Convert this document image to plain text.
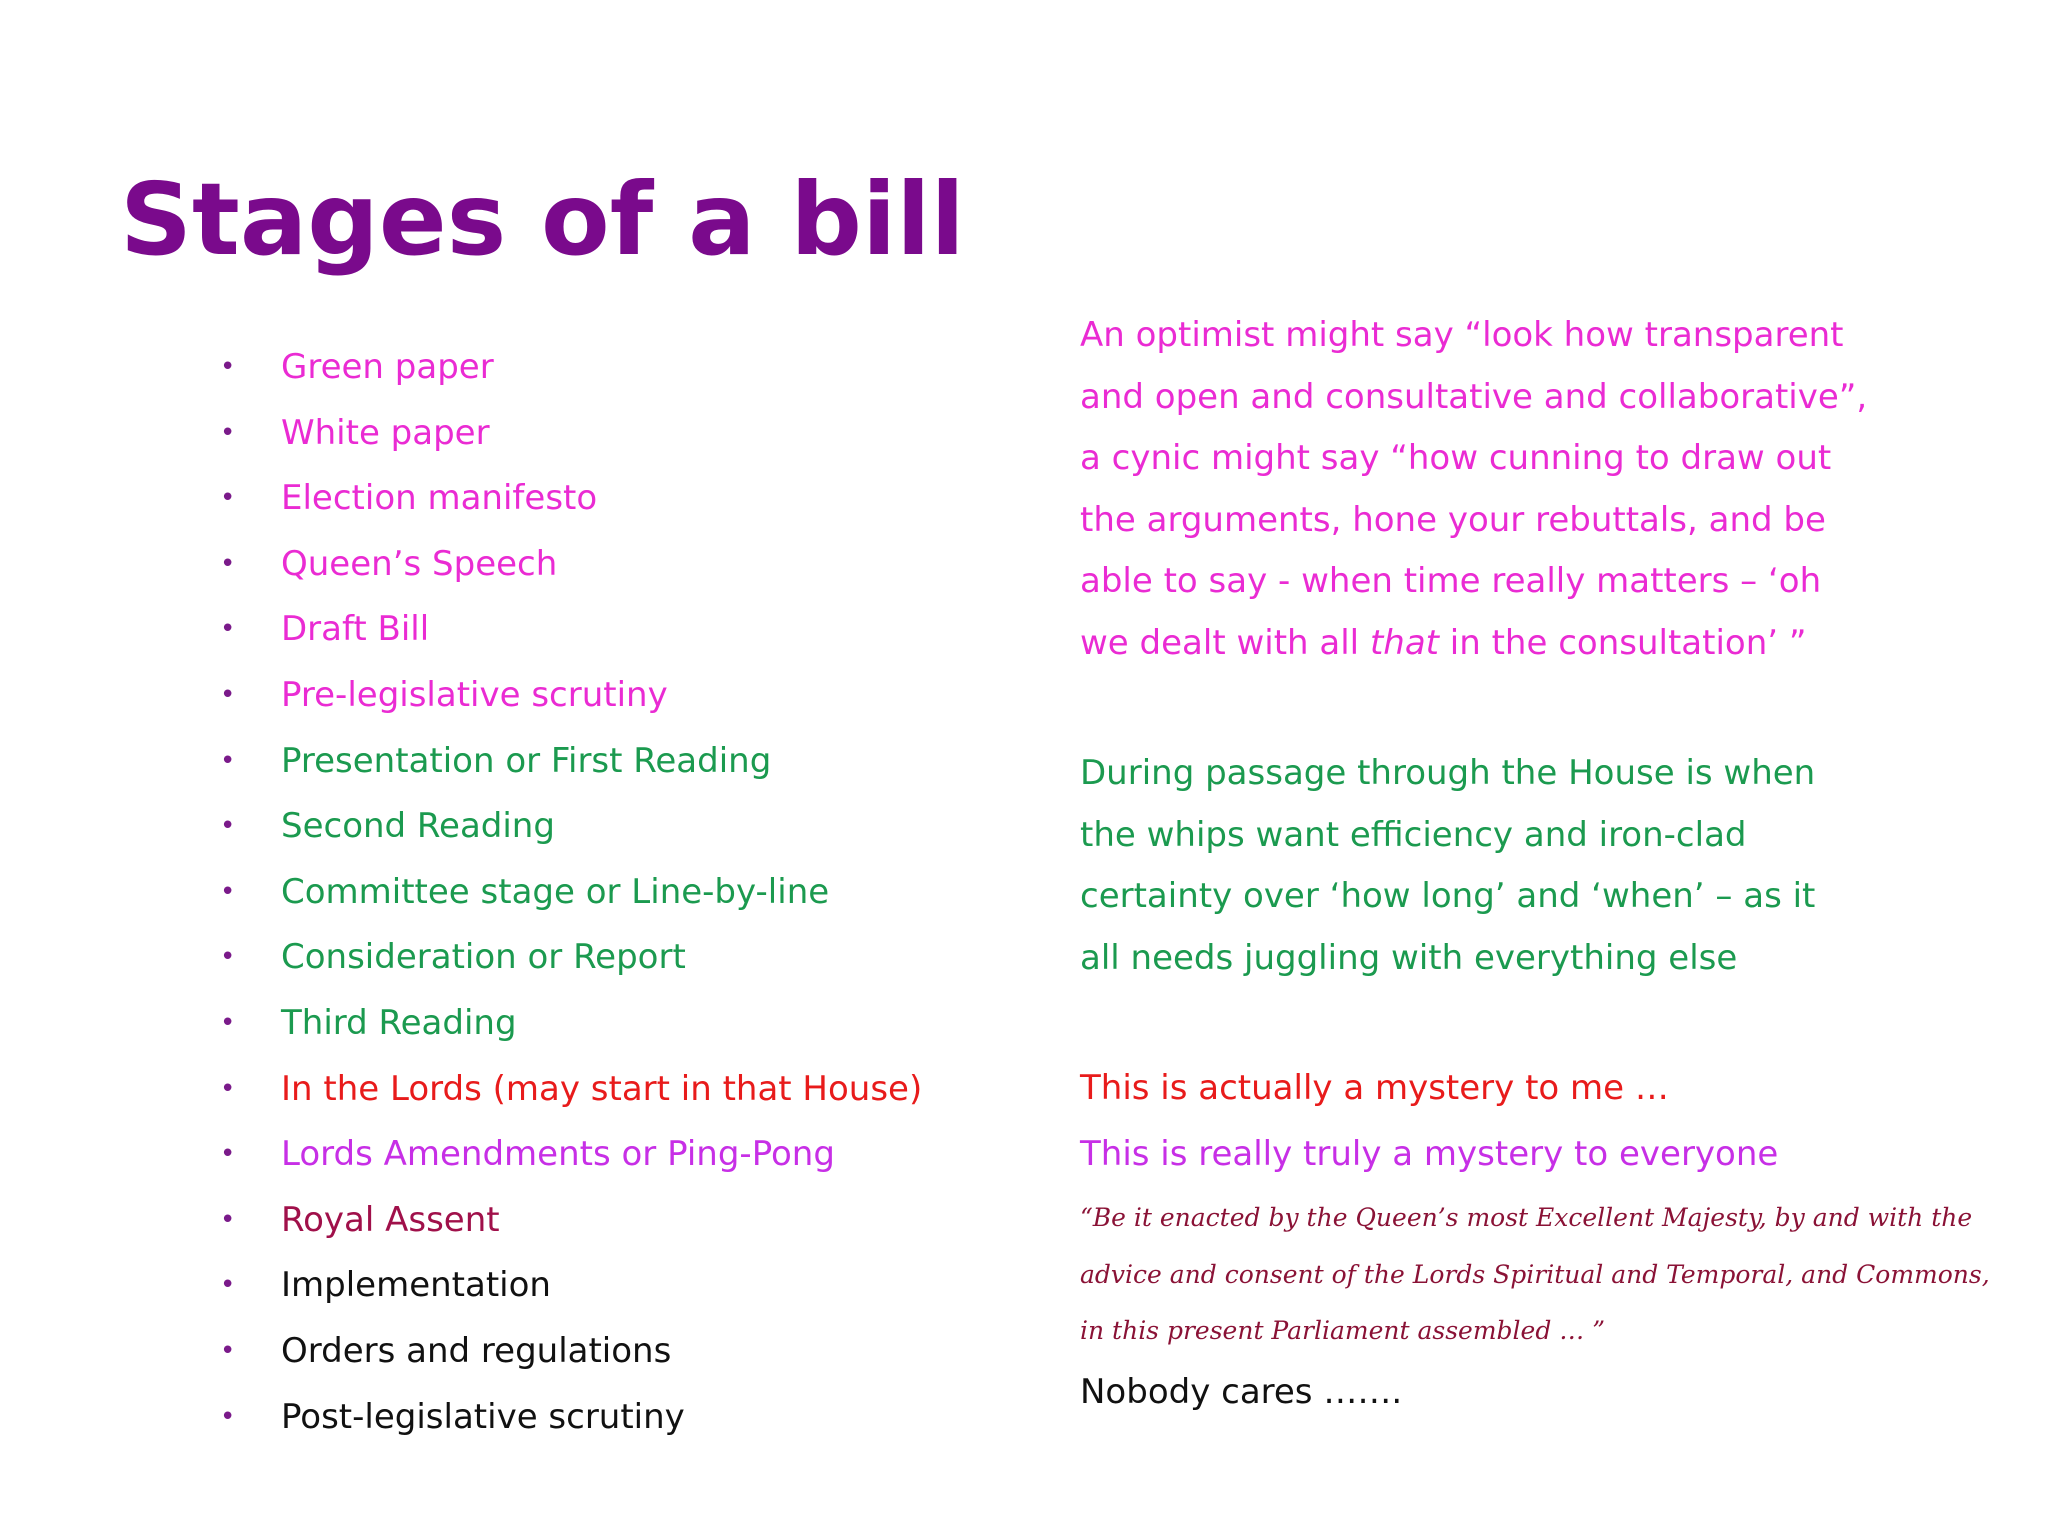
Stages of a bill
• Green paper
• White paper
• Election manifesto
• Queen’s Speech
• Draft Bill
• Pre-legislative scrutiny
• Presentation or First Reading
• Second Reading
• Committee stage or Line-by-line
• Consideration or Report
• Third Reading
• In the Lords (may start in that House)
• Lords Amendments or Ping-Pong
• Royal Assent
• Implementation
• Orders and regulations
• Post-legislative scrutiny
An optimist might say “look how transparent
and open and consultative and collaborative”,
a cynic might say “how cunning to draw out
the arguments, hone your rebuttals, and be
able to say - when time really matters – ‘oh
we dealt with all that in the consultation’ ”
During passage through the House is when
the whips want efficiency and iron-clad
certainty over ‘how long’ and ‘when’ – as it
all needs juggling with everything else
This is actually a mystery to me …
This is really truly a mystery to everyone
“Be it enacted by the Queen’s most Excellent Majesty, by and with the
advice and consent of the Lords Spiritual and Temporal, and Commons,
in this present Parliament assembled … ”
Nobody cares …….
